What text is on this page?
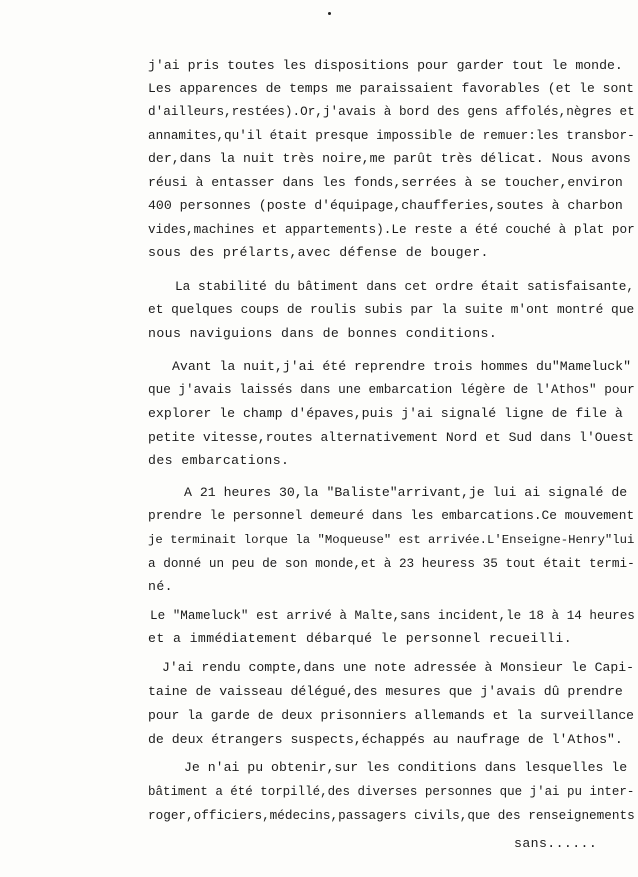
j'ai pris toutes les dispositions pour garder tout le monde.
Les apparences de temps me paraissaient favorables (et le sont
d'ailleurs,restées).Or,j'avais à bord des gens affolés,nègres et
annamites,qu'il était presque impossible de remuer:les transbor-
der,dans la nuit très noire,me parût très délicat. Nous avons
réusi à entasser dans les fonds,serrées à se toucher,environ
400 personnes (poste d'équipage,chaufferies,soutes à charbon
vides,machines et appartements).Le reste a été couché à plat por
sous des prélarts,avec défense de bouger.
La stabilité du bâtiment dans cet ordre était satisfaisante,
et quelques coups de roulis subis par la suite m'ont montré que
nous naviguions dans de bonnes conditions.
Avant la nuit,j'ai été reprendre trois hommes du"Mameluck"
que j'avais laissés dans une embarcation légère de l'Athos" pour
explorer le champ d'épaves,puis j'ai signalé ligne de file à
petite vitesse,routes alternativement Nord et Sud dans l'Ouest
des embarcations.
A 21 heures 30,la "Baliste"arrivant,je lui ai signalé de
prendre le personnel demeuré dans les embarcations.Ce mouvement
je terminait lorque la "Moqueuse" est arrivée.L'Enseigne-Henry"lui
a donné un peu de son monde,et à 23 heuress 35 tout était termi-
né.
Le "Mameluck" est arrivé à Malte,sans incident,le 18 à 14 heures
et a immédiatement débarqué le personnel recueilli.
J'ai rendu compte,dans une note adressée à Monsieur le Capi-
taine de vaisseau délégué,des mesures que j'avais dû prendre
pour la garde de deux prisonniers allemands et la surveillance
de deux étrangers suspects,échappés au naufrage de l'Athos".
Je n'ai pu obtenir,sur les conditions dans lesquelles le
bâtiment a été torpillé,des diverses personnes que j'ai pu inter-
roger,officiers,médecins,passagers civils,que des renseignements
sans......
